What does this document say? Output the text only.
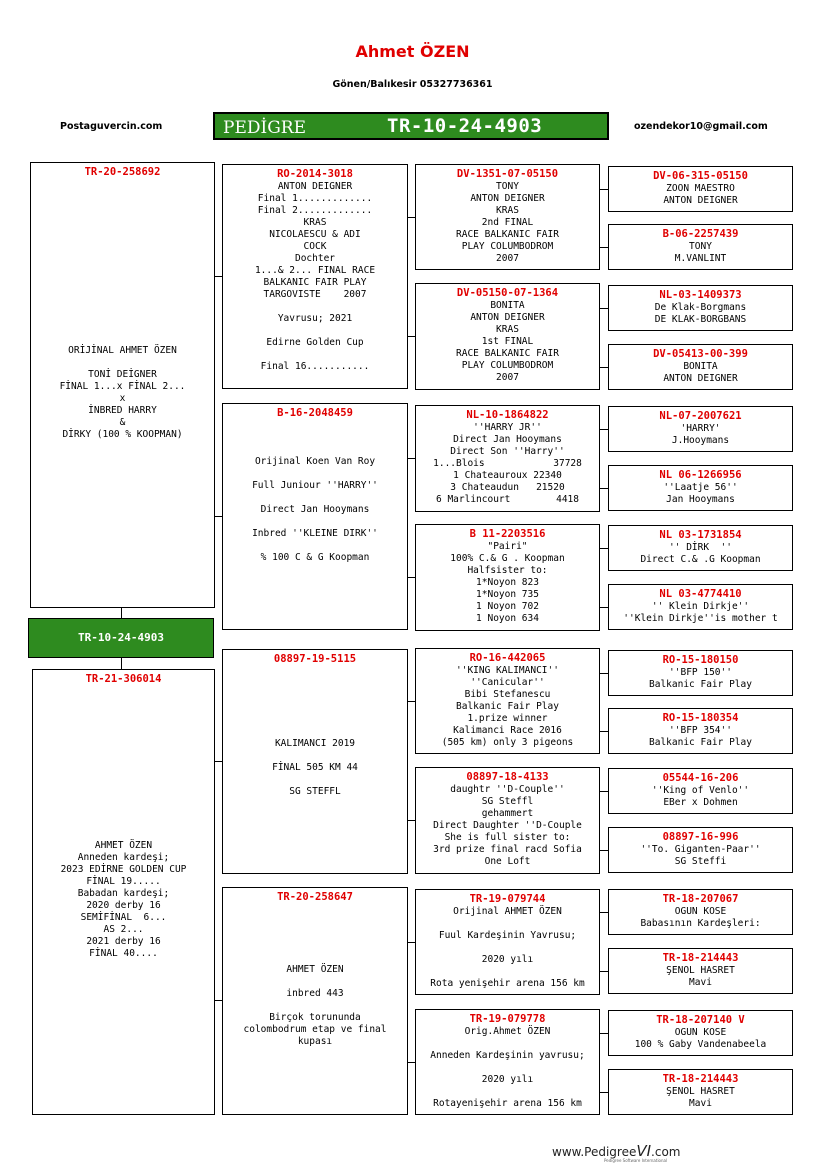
Ahmet ÖZEN
Gönen/Balıkesir 05327736361
Postaguvercin.com	ozendekor10@gmail.com
PEDİGRE	TR-10-24-4903
TR-20-258692
ORİJİNAL AHMET ÖZEN

TONİ DEİGNER
FİNAL 1...x FİNAL 2...
x
İNBRED HARRY
&
DİRKY (100 % KOOPMAN)
TR-10-24-4903
TR-21-306014
AHMET ÖZEN
Anneden kardeşi;
2023 EDİRNE GOLDEN CUP
FİNAL 19.....
Babadan kardeşi;
2020 derby 16
SEMİFİNAL  6...
AS 2...
2021 derby 16
FİNAL 40....
RO-2014-3018
ANTON DEIGNER
Final 1.............
Final 2.............
KRAS
NICOLAESCU & ADI
COCK
Dochter
1...& 2... FINAL RACE
BALKANIC FAIR PLAY
TARGOVISTE    2007

Yavrusu; 2021

Edirne Golden Cup

Final 16...........
B-16-2048459

Orijinal Koen Van Roy

Full Juniour ''HARRY''

Direct Jan Hooymans

Inbred ''KLEINE DIRK''

% 100 C & G Koopman
08897-19-5115

KALIMANCI 2019

FİNAL 505 KM 44

SG STEFFL
TR-20-258647

AHMET ÖZEN

inbred 443

Birçok torununda
colombodrum etap ve final
kupası
DV-1351-07-05150
TONY
ANTON DEIGNER
KRAS
2nd FINAL
RACE BALKANIC FAIR
PLAY COLUMBODROM
2007
DV-05150-07-1364
BONITA
ANTON DEIGNER
KRAS
1st FINAL
RACE BALKANIC FAIR
PLAY COLUMBODROM
2007
NL-10-1864822
''HARRY JR''
Direct Jan Hooymans
Direct Son ''Harry''
1...Blois            37728
1 Chateauroux 22340
3 Chateaudun   21520
6 Marlincourt        4418
B 11-2203516
"Pairi"
100% C.& G . Koopman
Halfsister to:
1*Noyon 823
1*Noyon 735
1 Noyon 702
1 Noyon 634
RO-16-442065
''KING KALIMANCI''
''Canicular''
Bibi Stefanescu
Balkanic Fair Play
1.prize winner
Kalimanci Race 2016
(505 km) only 3 pigeons
08897-18-4133
daughtr ''D-Couple''
SG Steffl
gehammert
Direct Daughter ''D-Couple
She is full sister to:
3rd prize final racd Sofia
One Loft
TR-19-079744
Orijinal AHMET ÖZEN

Fuul Kardeşinin Yavrusu;

2020 yılı

Rota yenişehir arena 156 km
TR-19-079778
Orig.Ahmet ÖZEN

Anneden Kardeşinin yavrusu;

2020 yılı

Rotayenişehir arena 156 km
DV-06-315-05150
ZOON MAESTRO
ANTON DEIGNER
B-06-2257439
TONY
M.VANLINT
NL-03-1409373
De Klak-Borgmans
DE KLAK-BORGBANS
DV-05413-00-399
BONITA
ANTON DEIGNER
NL-07-2007621
'HARRY'
J.Hooymans
NL 06-1266956
''Laatje 56''
Jan Hooymans
NL 03-1731854
'' DİRK  ''
Direct C.& .G Koopman
NL 03-4774410
'' Klein Dirkje''
''Klein Dirkje''is mother t
RO-15-180150
''BFP 150''
Balkanic Fair Play
RO-15-180354
''BFP 354''
Balkanic Fair Play
05544-16-206
''King of Venlo''
EBer x Dohmen
08897-16-996
''To. Giganten-Paar''
SG Steffi
TR-18-207067
OGUN KOSE
Babasının Kardeşleri:
TR-18-214443
ŞENOL HASRET
Mavi
TR-18-207140 V
OGUN KOSE
100 % Gaby Vandenabeela
TR-18-214443
ŞENOL HASRET
Mavi
www.PedigreeVI.com
Pedigree Software International
